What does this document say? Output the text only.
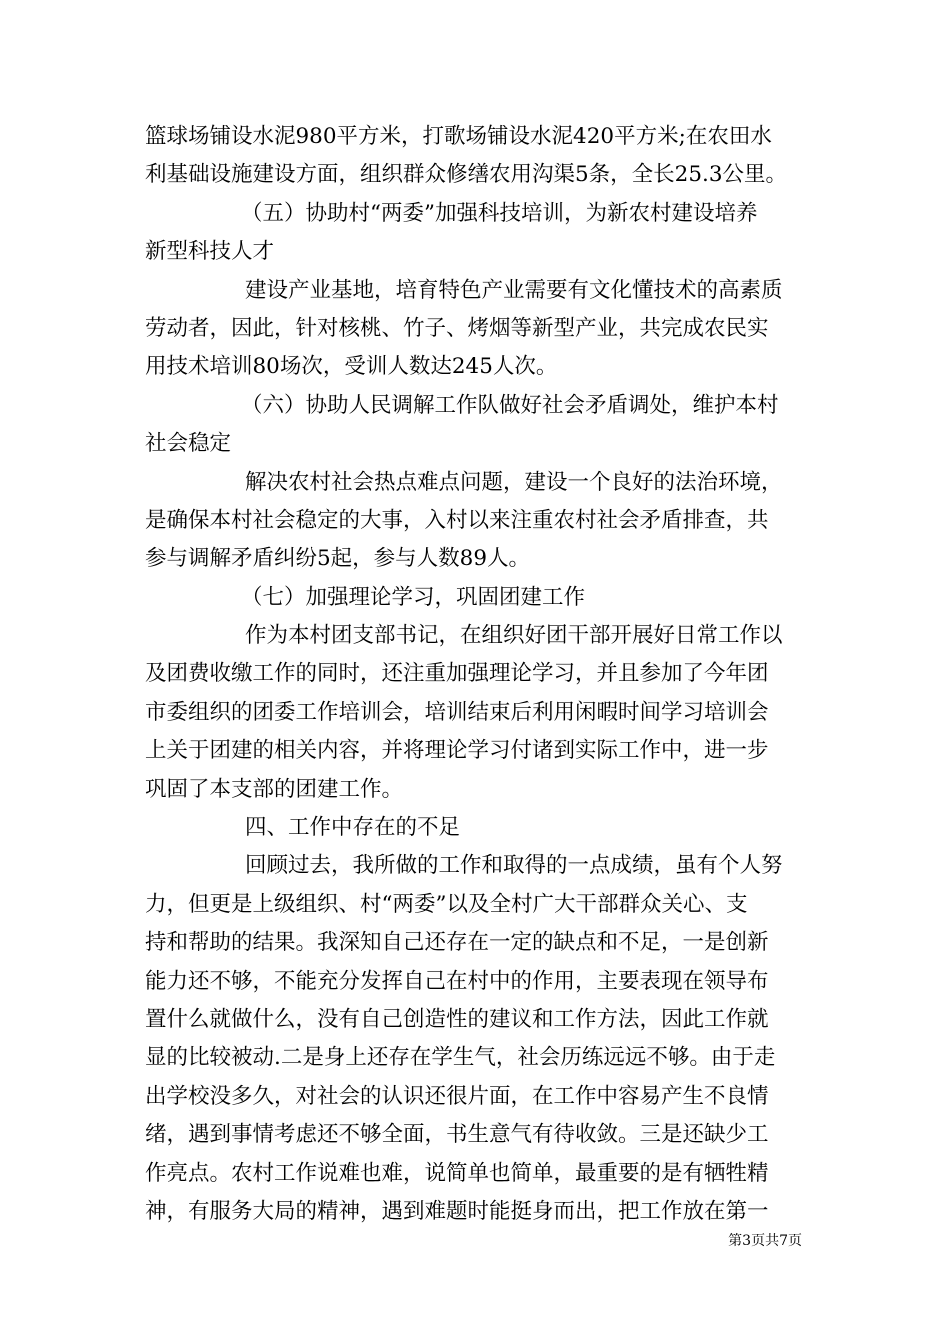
篮球场铺设水泥980平方米，打歌场铺设水泥420平方米;在农田水
利基础设施建设方面，组织群众修缮农用沟渠5条，全长25.3公里。
（五）协助村“两委”加强科技培训，为新农村建设培养
新型科技人才
建设产业基地，培育特色产业需要有文化懂技术的高素质
劳动者，因此，针对核桃、竹子、烤烟等新型产业，共完成农民实
用技术培训80场次，受训人数达245人次。
（六）协助人民调解工作队做好社会矛盾调处，维护本村
社会稳定
解决农村社会热点难点问题，建设一个良好的法治环境，
是确保本村社会稳定的大事，入村以来注重农村社会矛盾排查，共
参与调解矛盾纠纷5起，参与人数89人。
（七）加强理论学习，巩固团建工作
作为本村团支部书记，在组织好团干部开展好日常工作以
及团费收缴工作的同时，还注重加强理论学习，并且参加了今年团
市委组织的团委工作培训会，培训结束后利用闲暇时间学习培训会
上关于团建的相关内容，并将理论学习付诸到实际工作中，进一步
巩固了本支部的团建工作。
四、工作中存在的不足
回顾过去，我所做的工作和取得的一点成绩，虽有个人努
力，但更是上级组织、村“两委”以及全村广大干部群众关心、支
持和帮助的结果。我深知自己还存在一定的缺点和不足，一是创新
能力还不够，不能充分发挥自己在村中的作用，主要表现在领导布
置什么就做什么，没有自己创造性的建议和工作方法，因此工作就
显的比较被动.二是身上还存在学生气，社会历练远远不够。由于走
出学校没多久，对社会的认识还很片面，在工作中容易产生不良情
绪，遇到事情考虑还不够全面，书生意气有待收敛。三是还缺少工
作亮点。农村工作说难也难，说简单也简单，最重要的是有牺牲精
神，有服务大局的精神，遇到难题时能挺身而出，把工作放在第一
第3页共7页
